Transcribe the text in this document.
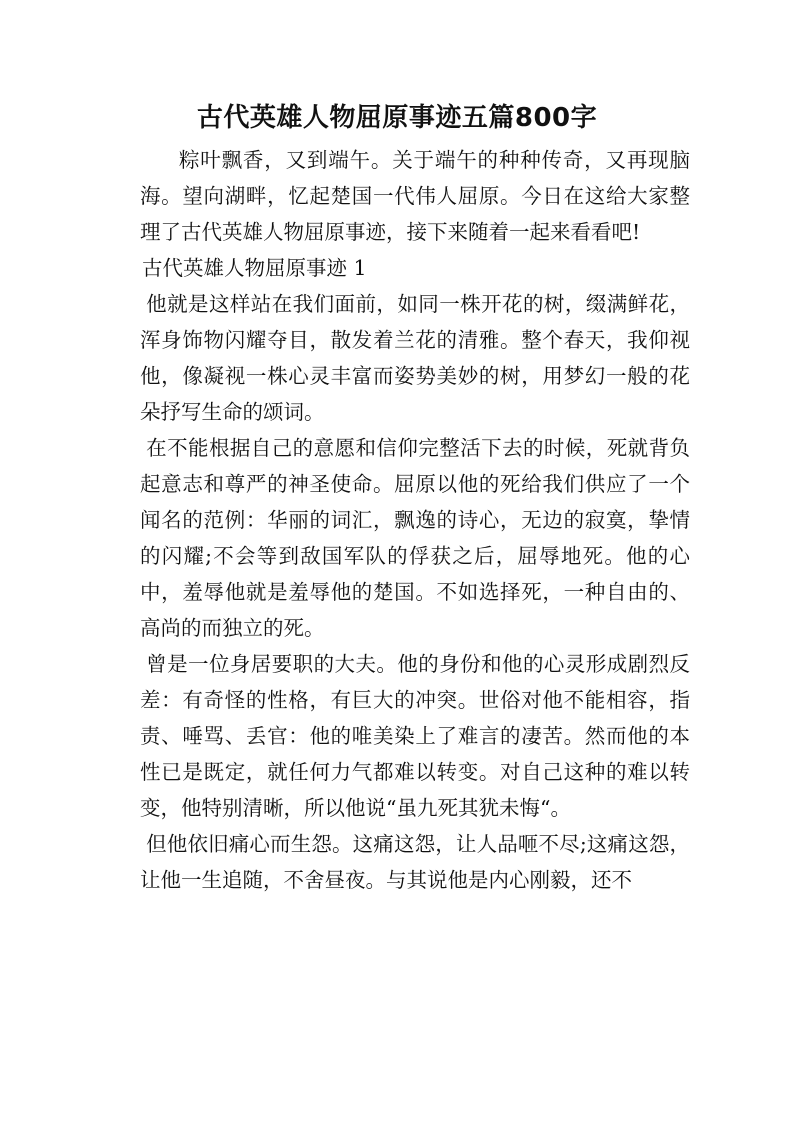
古代英雄人物屈原事迹五篇800字

粽叶飘香，又到端午。关于端午的种种传奇，又再现脑海。望向湖畔，忆起楚国一代伟人屈原。今日在这给大家整理了古代英雄人物屈原事迹，接下来随着一起来看看吧!

古代英雄人物屈原事迹 1

他就是这样站在我们面前，如同一株开花的树，缀满鲜花，浑身饰物闪耀夺目，散发着兰花的清雅。整个春天，我仰视他，像凝视一株心灵丰富而姿势美妙的树，用梦幻一般的花朵抒写生命的颂词。

在不能根据自己的意愿和信仰完整活下去的时候，死就背负起意志和尊严的神圣使命。屈原以他的死给我们供应了一个闻名的范例：华丽的词汇，飘逸的诗心，无边的寂寞，挚情的闪耀;不会等到敌国军队的俘获之后，屈辱地死。他的心中，羞辱他就是羞辱他的楚国。不如选择死，一种自由的、高尚的而独立的死。

曾是一位身居要职的大夫。他的身份和他的心灵形成剧烈反差：有奇怪的性格，有巨大的冲突。世俗对他不能相容，指责、唾骂、丢官：他的唯美染上了难言的凄苦。然而他的本性已是既定，就任何力气都难以转变。对自己这种的难以转变，他特别清晰，所以他说“虽九死其犹未悔“。

但他依旧痛心而生怨。这痛这怨，让人品咂不尽;这痛这怨，让他一生追随，不舍昼夜。与其说他是内心刚毅，还不
